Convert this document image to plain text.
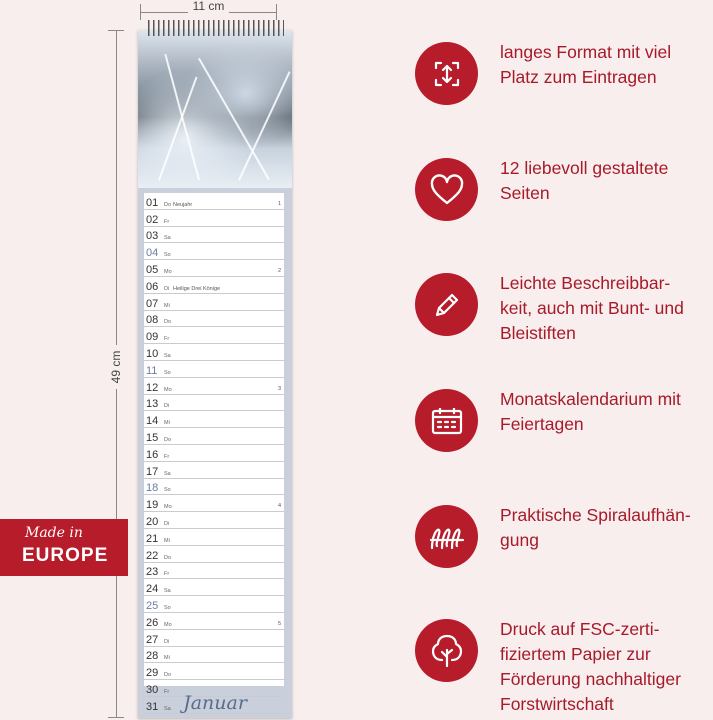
11 cm
49 cm
01	Do Neujahr	1
02	Fr
03	Sa
04	So
05	Mo	2
06	Di Heilige Drei Könige
07	Mi
08	Do
09	Fr
10	Sa
11	So
12	Mo	3
13	Di
14	Mi
15	Do
16	Fr
17	Sa
18	So
19	Mo	4
20	Di
21	Mi
22	Do
23	Fr
24	Sa
25	So
26	Mo	5
27	Di
28	Mi
29	Do
30	Fr
31	Sa Januar
Made in
EUROPE
langes Format mit viel
Platz zum Eintragen
12 liebevoll gestaltete
Seiten
Leichte Beschreibbar-
keit, auch mit Bunt- und
Bleistiften
Monatskalendarium mit
Feiertagen
Praktische Spiralaufhän-
gung
Druck auf FSC-zerti-
fiziertem Papier zur
Förderung nachhaltiger
Forstwirtschaft
